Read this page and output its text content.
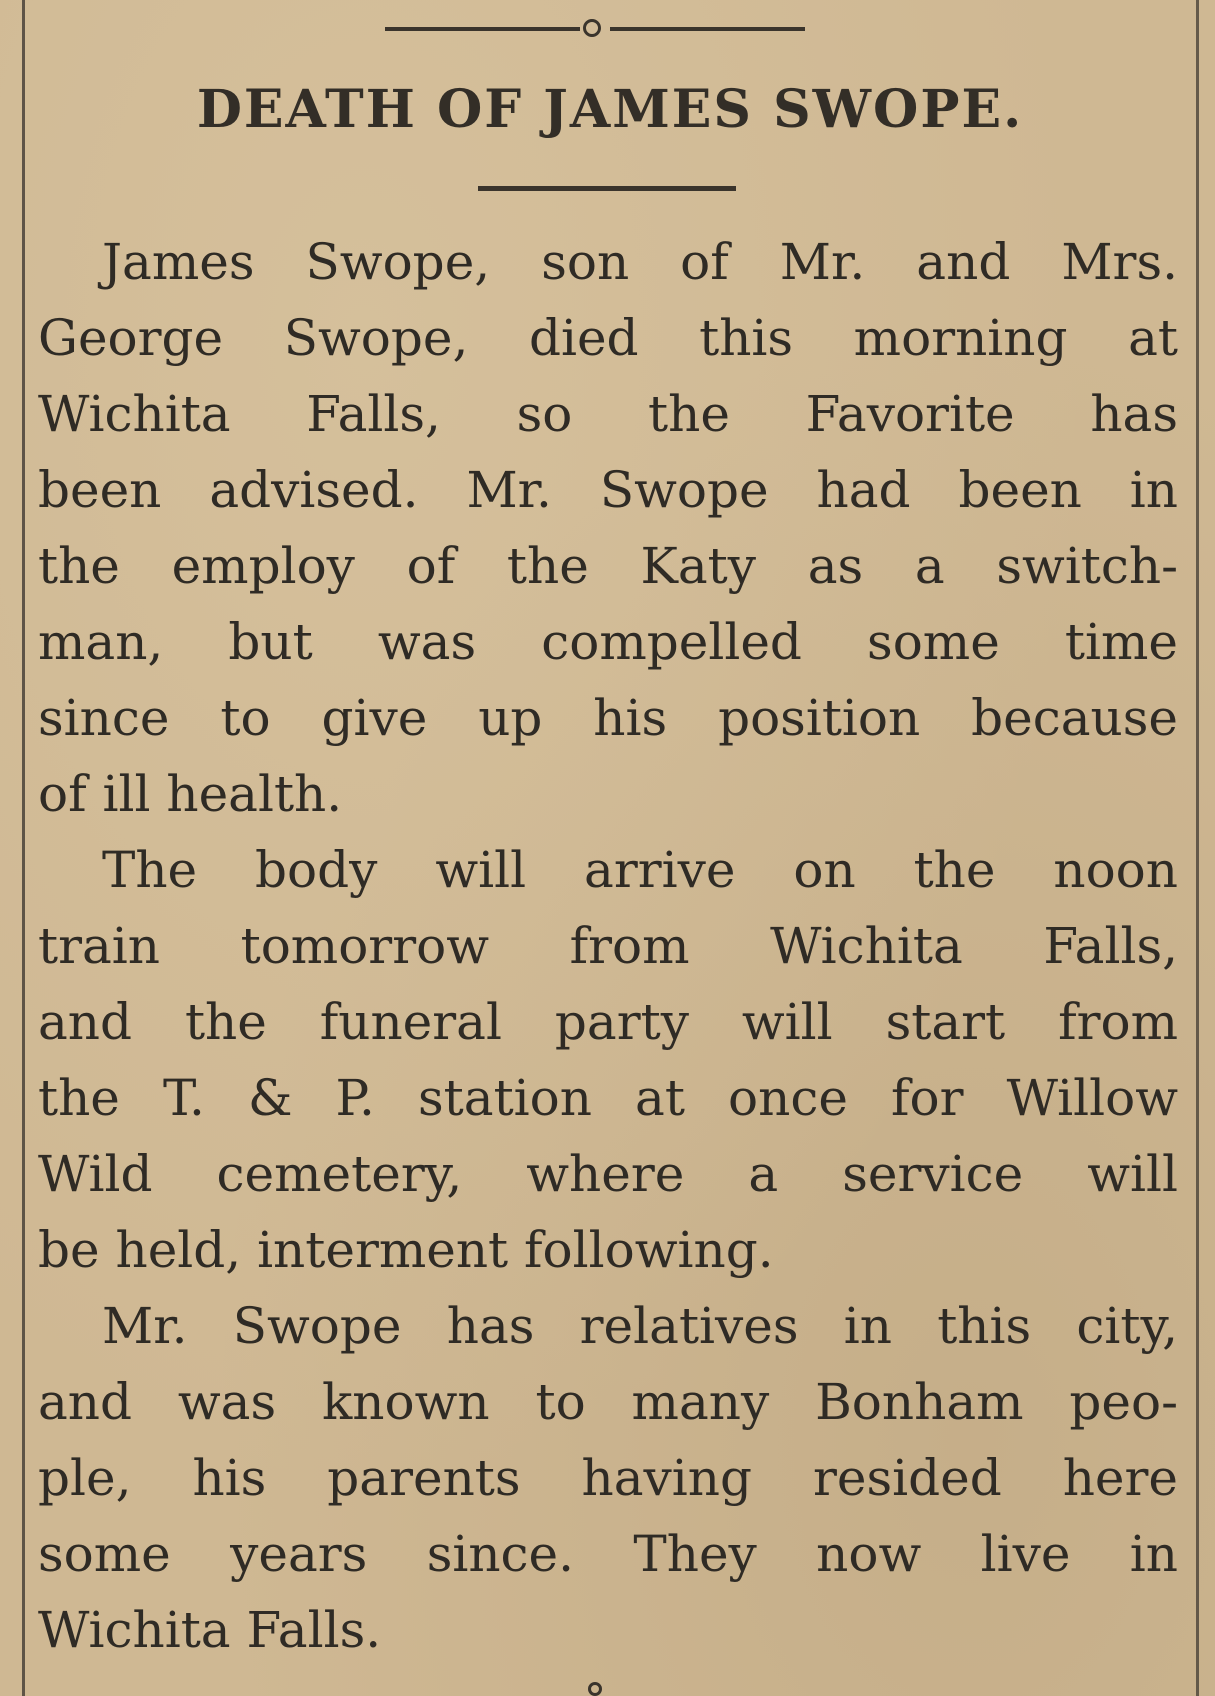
DEATH OF JAMES SWOPE.

James Swope, son of Mr. and Mrs.
George Swope, died this morning at
Wichita Falls, so the Favorite has
been advised. Mr. Swope had been in
the employ of the Katy as a switch-
man, but was compelled some time
since to give up his position because
of ill health.

The body will arrive on the noon
train tomorrow from Wichita Falls,
and the funeral party will start from
the T. & P. station at once for Willow
Wild cemetery, where a service will
be held, interment following.

Mr. Swope has relatives in this city,
and was known to many Bonham peo-
ple, his parents having resided here
some years since. They now live in
Wichita Falls.
